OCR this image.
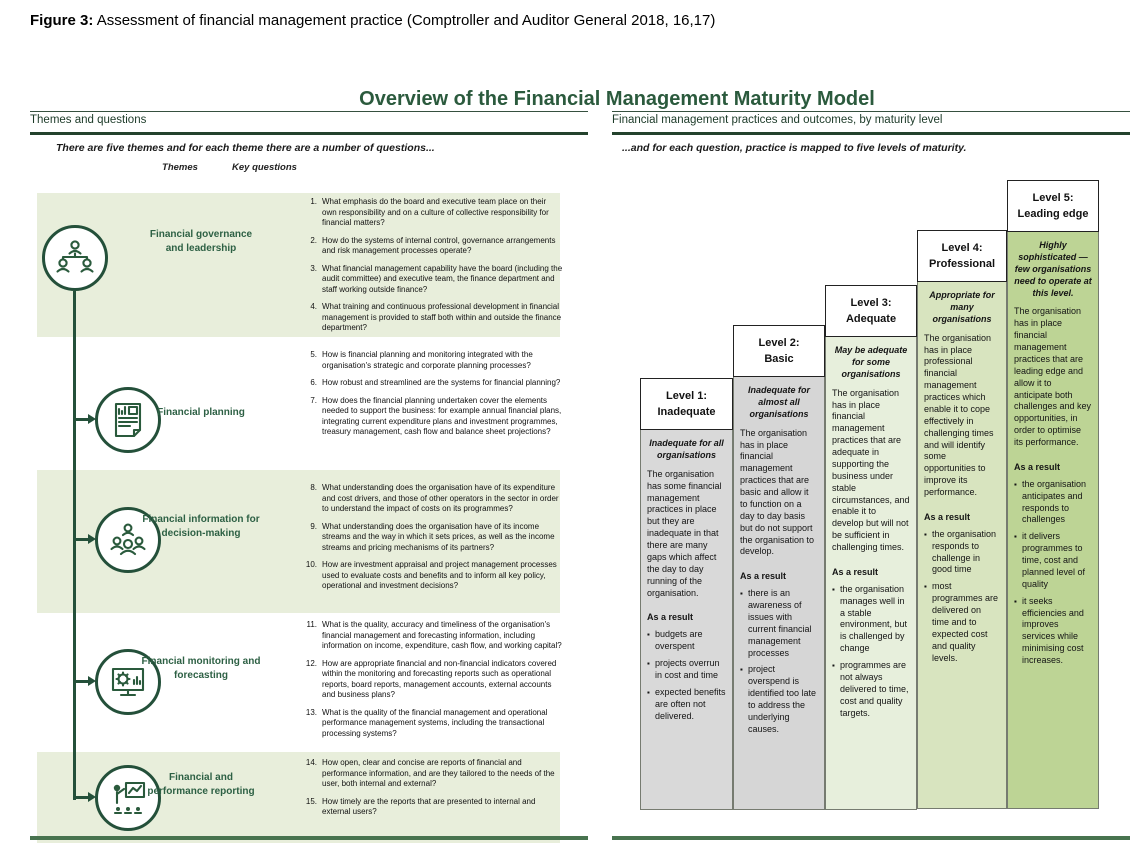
Figure 3: Assessment of financial management practice (Comptroller and Auditor General 2018, 16,17)
Overview of the Financial Management Maturity Model
Themes and questions
There are five themes and for each theme there are a number of questions...
Themes	Key questions
Financial management practices and outcomes, by maturity level
...and for each question, practice is mapped to five levels of maturity.
Financial governance and leadership
Financial planning
Financial information for decision-making
Financial monitoring and forecasting
Financial and performance reporting
1. What emphasis do the board and executive team place on their own responsibility and on a culture of collective responsibility for financial matters?
2. How do the systems of internal control, governance arrangements and risk management processes operate?
3. What financial management capability have the board (including the audit committee) and executive team, the finance department and staff working outside finance?
4. What training and continuous professional development in financial management is provided to staff both within and outside the finance department?
5. How is financial planning and monitoring integrated with the organisation's strategic and corporate planning processes?
6. How robust and streamlined are the systems for financial planning?
7. How does the financial planning undertaken cover the elements needed to support the business: for example annual financial plans, integrating current expenditure plans and investment programmes, treasury management, cash flow and balance sheet projections?
8. What understanding does the organisation have of its expenditure and cost drivers, and those of other operators in the sector in order to understand the impact of costs on its programmes?
9. What understanding does the organisation have of its income streams and the way in which it sets prices, as well as the income streams and pricing mechanisms of its partners?
10. How are investment appraisal and project management processes used to evaluate costs and benefits and to inform all key policy, operational and investment decisions?
11. What is the quality, accuracy and timeliness of the organisation's financial management and forecasting information, including information on income, expenditure, cash flow, and working capital?
12. How are appropriate financial and non-financial indicators covered within the monitoring and forecasting reports such as operational reports, board reports, management accounts, external accounts and business plans?
13. What is the quality of the financial management and operational performance management systems, including the transactional processing systems?
14. How open, clear and concise are reports of financial and performance information, and are they tailored to the needs of the user, both internal and external?
15. How timely are the reports that are presented to internal and external users?
Level 1:
Inadequate
Inadequate for all organisations
The organisation has some financial management practices in place but they are inadequate in that there are many gaps which affect the day to day running of the organisation.
As a result
▪ budgets are overspent
▪ projects overrun in cost and time
▪ expected benefits are often not delivered.
Level 2:
Basic
Inadequate for almost all organisations
The organisation has in place financial management practices that are basic and allow it to function on a day to day basis but do not support the organisation to develop.
As a result
▪ there is an awareness of issues with current financial management processes
▪ project overspend is identified too late to address the underlying causes.
Level 3:
Adequate
May be adequate for some organisations
The organisation has in place financial management practices that are adequate in supporting the business under stable circumstances, and enable it to develop but will not be sufficient in challenging times.
As a result
▪ the organisation manages well in a stable environment, but is challenged by change
▪ programmes are not always delivered to time, cost and quality targets.
Level 4:
Professional
Appropriate for many organisations
The organisation has in place professional financial management practices which enable it to cope effectively in challenging times and will identify some opportunities to improve its performance.
As a result
▪ the organisation responds to challenge in good time
▪ most programmes are delivered on time and to expected cost and quality levels.
Level 5:
Leading edge
Highly sophisticated — few organisations need to operate at this level.
The organisation has in place financial management practices that are leading edge and allow it to anticipate both challenges and key opportunities, in order to optimise its performance.
As a result
▪ the organisation anticipates and responds to challenges
▪ it delivers programmes to time, cost and planned level of quality
▪ it seeks efficiencies and improves services while minimising cost increases.
